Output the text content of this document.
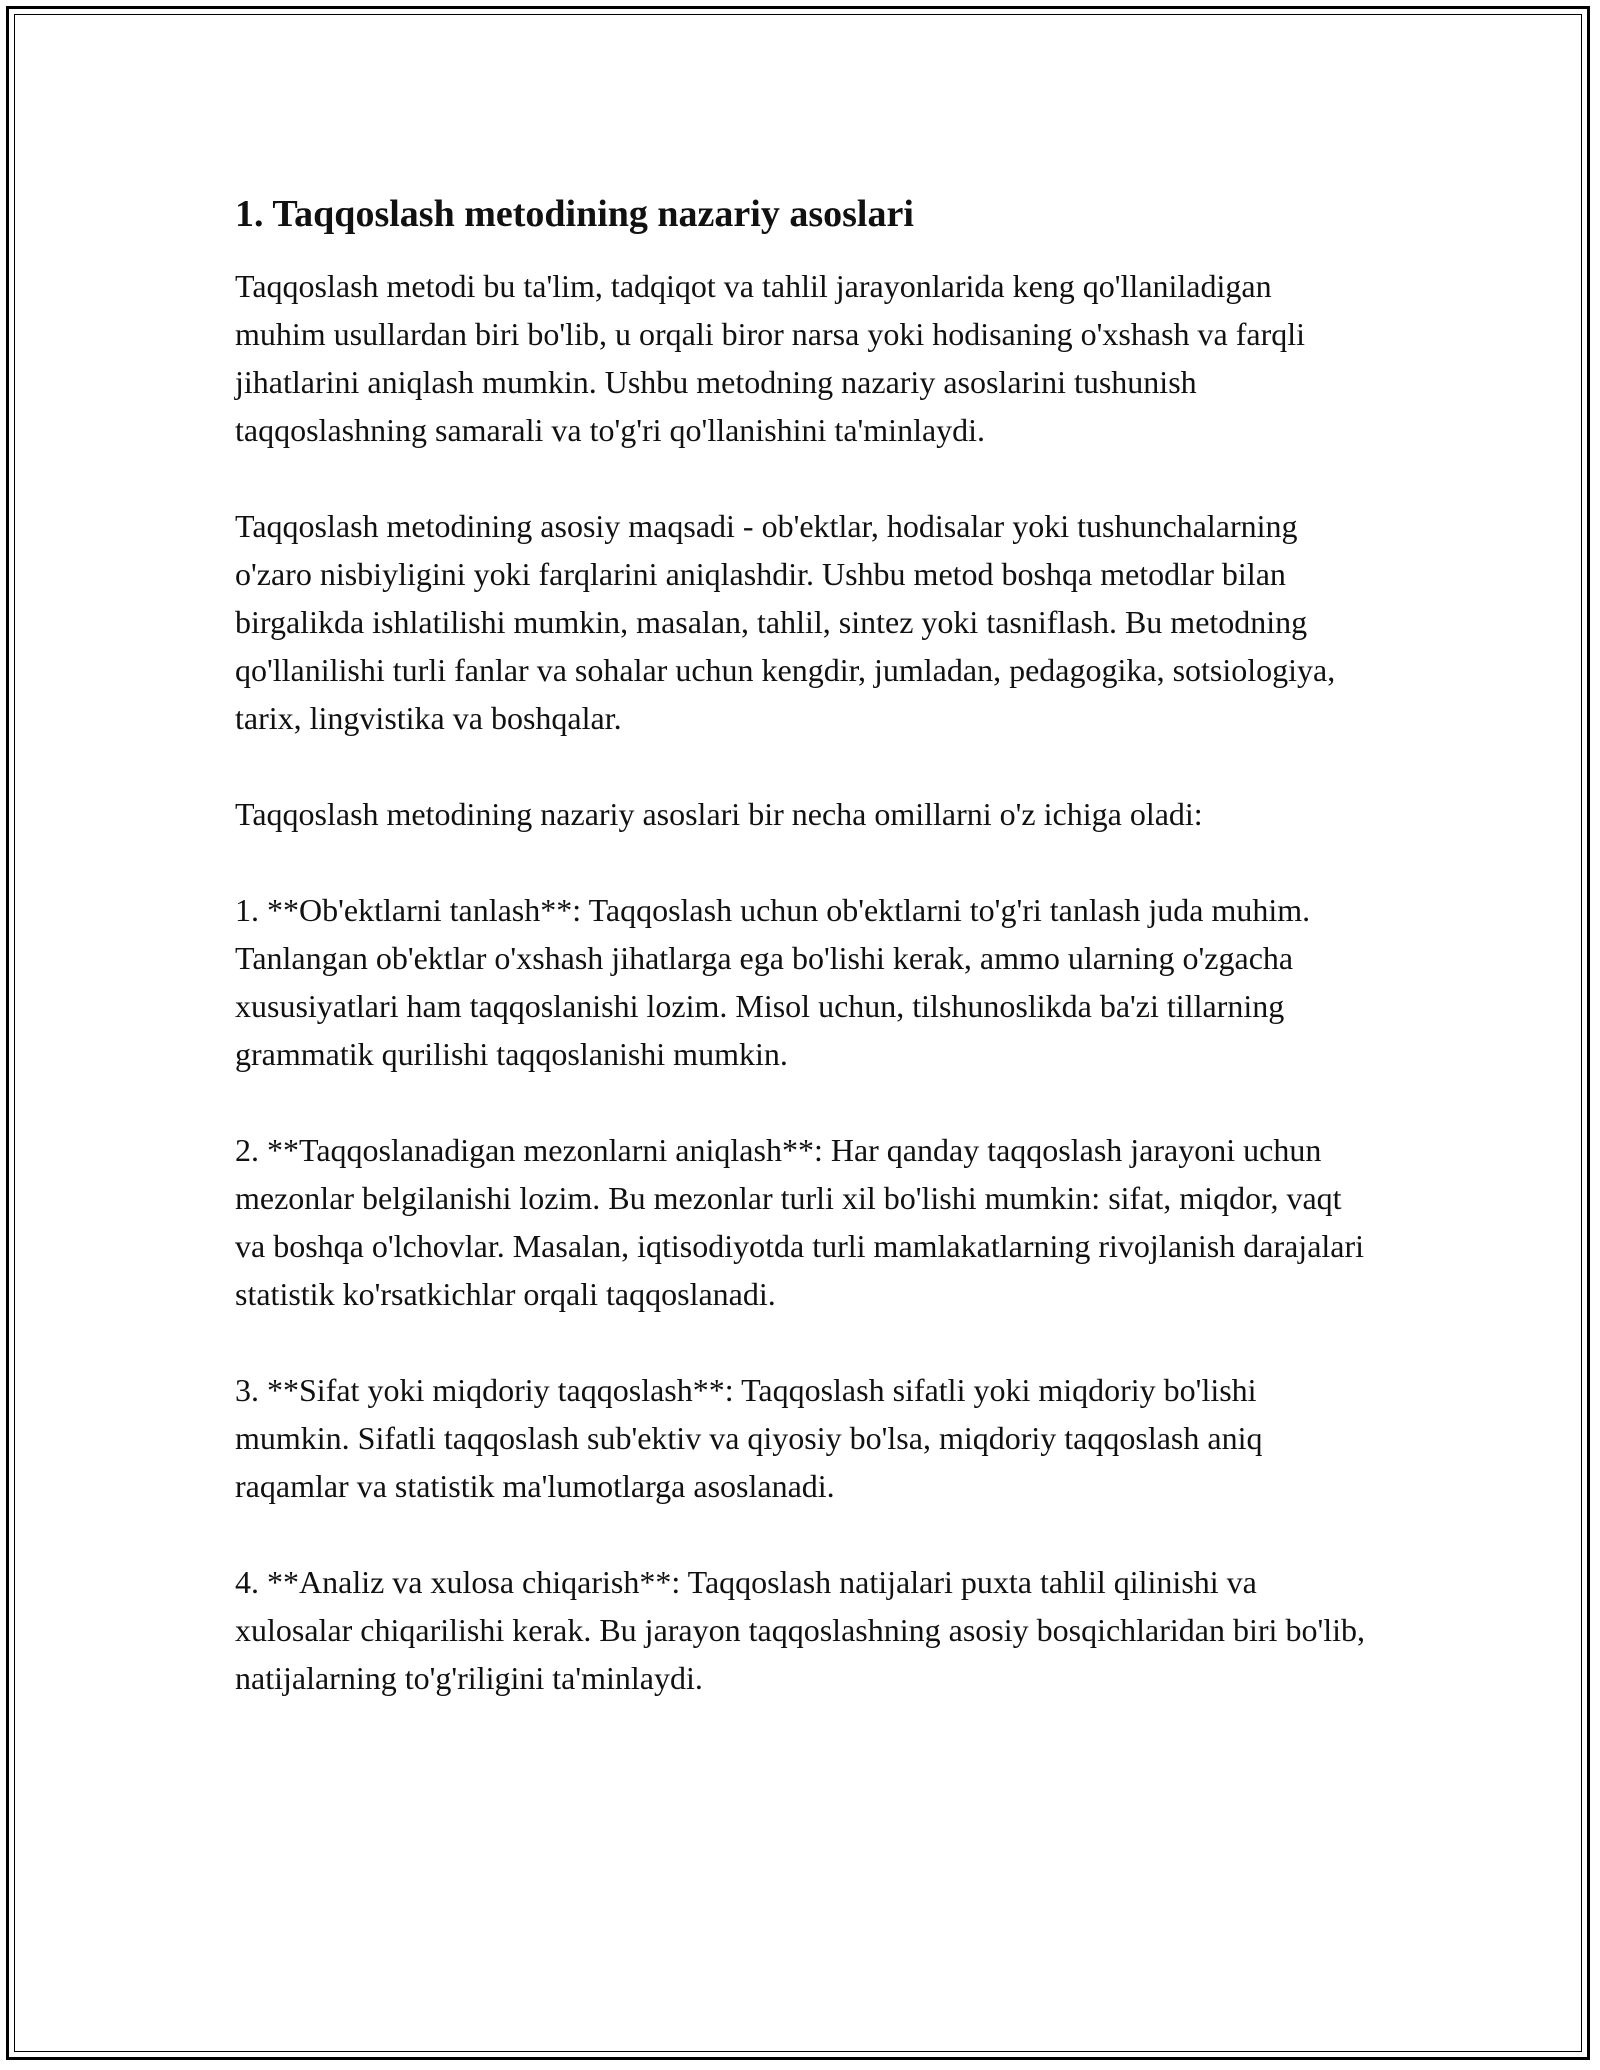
1. Taqqoslash metodining nazariy asoslari

Taqqoslash metodi bu ta'lim, tadqiqot va tahlil jarayonlarida keng qo'llaniladigan muhim usullardan biri bo'lib, u orqali biror narsa yoki hodisaning o'xshash va farqli jihatlarini aniqlash mumkin. Ushbu metodning nazariy asoslarini tushunish taqqoslashning samarali va to'g'ri qo'llanishini ta'minlaydi.

Taqqoslash metodining asosiy maqsadi - ob'ektlar, hodisalar yoki tushunchalarning o'zaro nisbiyligini yoki farqlarini aniqlashdir. Ushbu metod boshqa metodlar bilan birgalikda ishlatilishi mumkin, masalan, tahlil, sintez yoki tasniflash. Bu metodning qo'llanilishi turli fanlar va sohalar uchun kengdir, jumladan, pedagogika, sotsiologiya, tarix, lingvistika va boshqalar.

Taqqoslash metodining nazariy asoslari bir necha omillarni o'z ichiga oladi:

1. **Ob'ektlarni tanlash**: Taqqoslash uchun ob'ektlarni to'g'ri tanlash juda muhim. Tanlangan ob'ektlar o'xshash jihatlarga ega bo'lishi kerak, ammo ularning o'zgacha xususiyatlari ham taqqoslanishi lozim. Misol uchun, tilshunoslikda ba'zi tillarning grammatik qurilishi taqqoslanishi mumkin.

2. **Taqqoslanadigan mezonlarni aniqlash**: Har qanday taqqoslash jarayoni uchun mezonlar belgilanishi lozim. Bu mezonlar turli xil bo'lishi mumkin: sifat, miqdor, vaqt va boshqa o'lchovlar. Masalan, iqtisodiyotda turli mamlakatlarning rivojlanish darajalari statistik ko'rsatkichlar orqali taqqoslanadi.

3. **Sifat yoki miqdoriy taqqoslash**: Taqqoslash sifatli yoki miqdoriy bo'lishi mumkin. Sifatli taqqoslash sub'ektiv va qiyosiy bo'lsa, miqdoriy taqqoslash aniq raqamlar va statistik ma'lumotlarga asoslanadi.

4. **Analiz va xulosa chiqarish**: Taqqoslash natijalari puxta tahlil qilinishi va xulosalar chiqarilishi kerak. Bu jarayon taqqoslashning asosiy bosqichlaridan biri bo'lib, natijalarning to'g'riligini ta'minlaydi.
